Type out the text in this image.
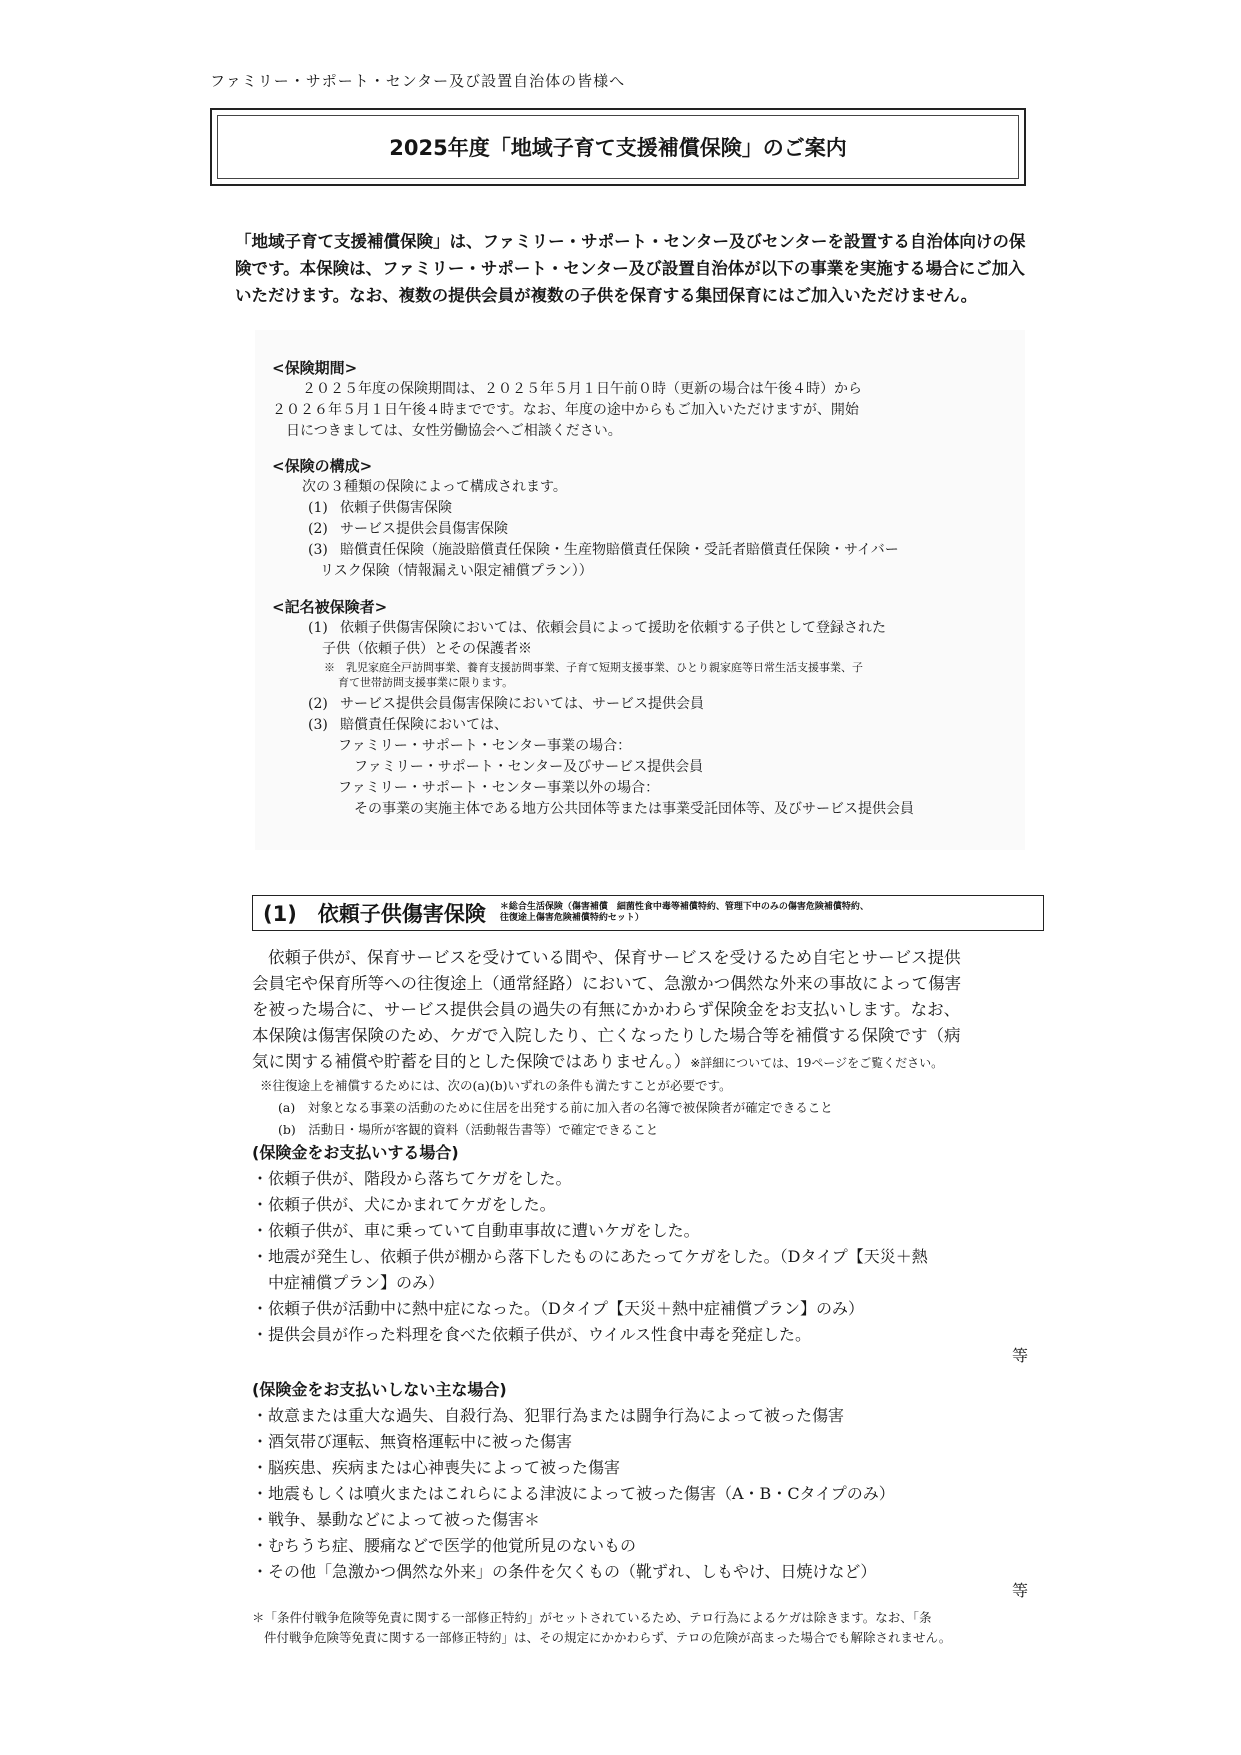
ファミリー・サポート・センター及び設置自治体の皆様へ
2025年度「地域子育て支援補償保険」のご案内
「地域子育て支援補償保険」は、ファミリー・サポート・センター及びセンターを設置する自治体向けの保険です。本保険は、ファミリー・サポート・センター及び設置自治体が以下の事業を実施する場合にご加入いただけます。なお、複数の提供会員が複数の子供を保育する集団保育にはご加入いただけません。
<保険期間>
２０２５年度の保険期間は、２０２５年５月１日午前０時（更新の場合は午後４時）から
２０２６年５月１日午後４時までです。なお、年度の途中からもご加入いただけますが、開始
日につきましては、女性労働協会へご相談ください。
<保険の構成>
次の３種類の保険によって構成されます。
(1) 依頼子供傷害保険
(2) サービス提供会員傷害保険
(3) 賠償責任保険（施設賠償責任保険・生産物賠償責任保険・受託者賠償責任保険・サイバー
リスク保険（情報漏えい限定補償プラン））
<記名被保険者>
(1) 依頼子供傷害保険においては、依頼会員によって援助を依頼する子供として登録された
子供（依頼子供）とその保護者※
※　乳児家庭全戸訪問事業、養育支援訪問事業、子育て短期支援事業、ひとり親家庭等日常生活支援事業、子
育て世帯訪問支援事業に限ります。
(2) サービス提供会員傷害保険においては、サービス提供会員
(3) 賠償責任保険においては、
ファミリー・サポート・センター事業の場合：
ファミリー・サポート・センター及びサービス提供会員
ファミリー・サポート・センター事業以外の場合：
その事業の実施主体である地方公共団体等または事業受託団体等、及びサービス提供会員
(1)　依頼子供傷害保険 ＊総合生活保険（傷害補償　細菌性食中毒等補償特約、管理下中のみの傷害危険補償特約、
往復途上傷害危険補償特約セット）
依頼子供が、保育サービスを受けている間や、保育サービスを受けるため自宅とサービス提供
会員宅や保育所等への往復途上（通常経路）において、急激かつ偶然な外来の事故によって傷害
を被った場合に、サービス提供会員の過失の有無にかかわらず保険金をお支払いします。なお、
本保険は傷害保険のため、ケガで入院したり、亡くなったりした場合等を補償する保険です（病
気に関する補償や貯蓄を目的とした保険ではありません。）※詳細については、19ページをご覧ください。
※往復途上を補償するためには、次の(a)(b)いずれの条件も満たすことが必要です。
(a)　対象となる事業の活動のために住居を出発する前に加入者の名簿で被保険者が確定できること
(b)　活動日・場所が客観的資料（活動報告書等）で確定できること
(保険金をお支払いする場合)
・依頼子供が、階段から落ちてケガをした。
・依頼子供が、犬にかまれてケガをした。
・依頼子供が、車に乗っていて自動車事故に遭いケガをした。
・地震が発生し、依頼子供が棚から落下したものにあたってケガをした。（Dタイプ【天災＋熱
　中症補償プラン】のみ）
・依頼子供が活動中に熱中症になった。（Dタイプ【天災＋熱中症補償プラン】のみ）
・提供会員が作った料理を食べた依頼子供が、ウイルス性食中毒を発症した。
等
(保険金をお支払いしない主な場合)
・故意または重大な過失、自殺行為、犯罪行為または闘争行為によって被った傷害
・酒気帯び運転、無資格運転中に被った傷害
・脳疾患、疾病または心神喪失によって被った傷害
・地震もしくは噴火またはこれらによる津波によって被った傷害（A・B・Cタイプのみ）
・戦争、暴動などによって被った傷害＊
・むちうち症、腰痛などで医学的他覚所見のないもの
・その他「急激かつ偶然な外来」の条件を欠くもの（靴ずれ、しもやけ、日焼けなど）
等
＊「条件付戦争危険等免責に関する一部修正特約」がセットされているため、テロ行為によるケガは除きます。なお、「条
件付戦争危険等免責に関する一部修正特約」は、その規定にかかわらず、テロの危険が高まった場合でも解除されません。
